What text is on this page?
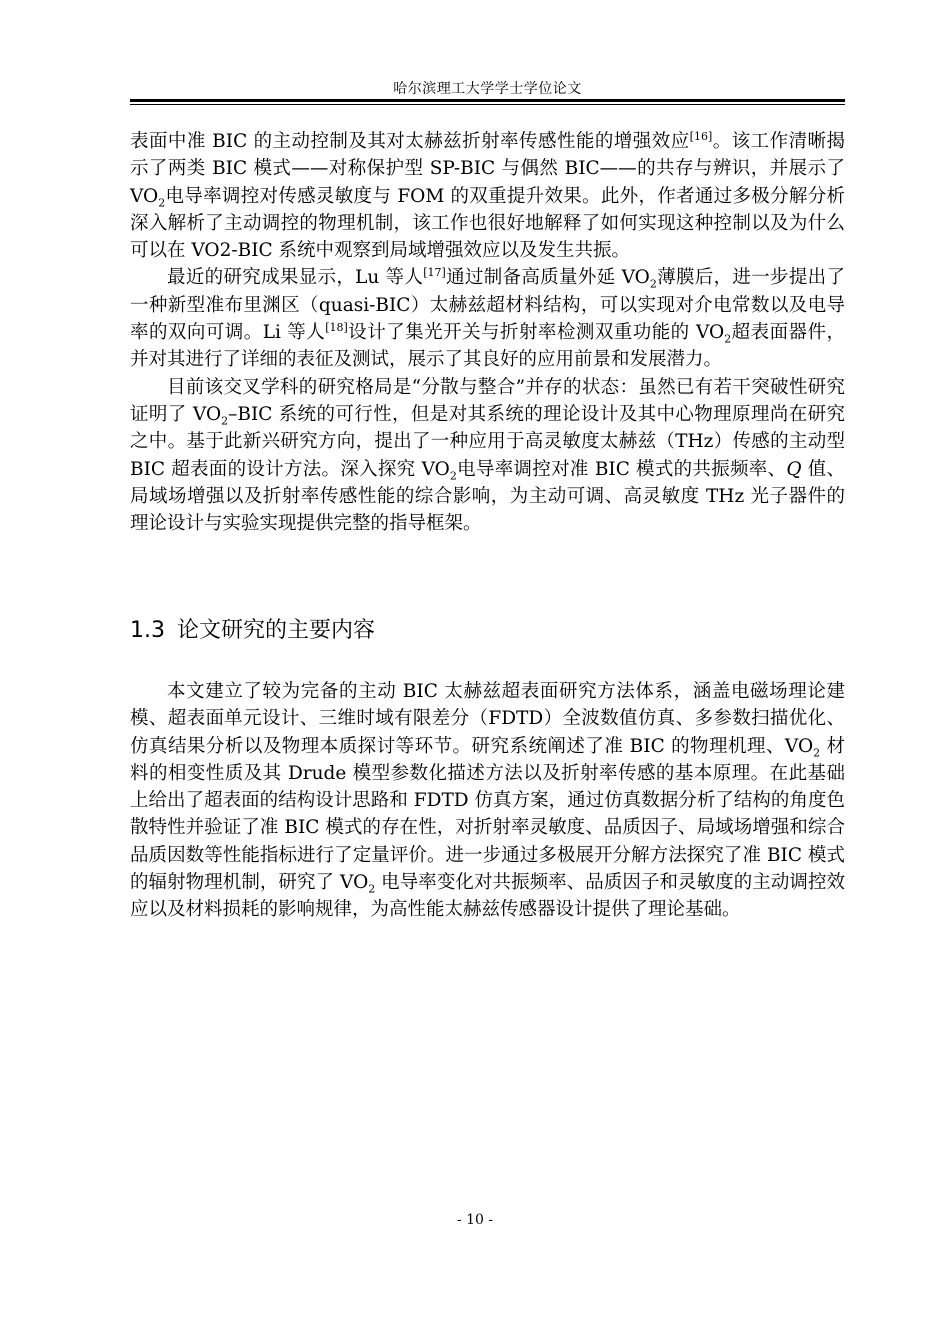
哈尔滨理工大学学士学位论文

表面中准 BIC 的主动控制及其对太赫兹折射率传感性能的增强效应[16]。该工作清晰揭示了两类 BIC 模式——对称保护型 SP-BIC 与偶然 BIC——的共存与辨识，并展示了 $VO_2$电导率调控对传感灵敏度与 FOM 的双重提升效果。此外，作者通过多极分解分析深入解析了主动调控的物理机制，该工作也很好地解释了如何实现这种控制以及为什么可以在 VO2-BIC 系统中观察到局域增强效应以及发生共振。

最近的研究成果显示，Lu 等人[17]通过制备高质量外延 $VO_2$薄膜后，进一步提出了一种新型准布里渊区（quasi-BIC）太赫兹超材料结构，可以实现对介电常数以及电导率的双向可调。Li 等人[18]设计了集光开关与折射率检测双重功能的 $VO_2$超表面器件，并对其进行了详细的表征及测试，展示了其良好的应用前景和发展潜力。

目前该交叉学科的研究格局是“分散与整合”并存的状态：虽然已有若干突破性研究证明了 $VO_2$–BIC 系统的可行性，但是对其系统的理论设计及其中心物理原理尚在研究之中。基于此新兴研究方向，提出了一种应用于高灵敏度太赫兹（THz）传感的主动型 BIC 超表面的设计方法。深入探究 $VO_2$电导率调控对准 BIC 模式的共振频率、Q 值、局域场增强以及折射率传感性能的综合影响，为主动可调、高灵敏度 THz 光子器件的理论设计与实验实现提供完整的指导框架。

1.3 论文研究的主要内容

本文建立了较为完备的主动 BIC 太赫兹超表面研究方法体系，涵盖电磁场理论建模、超表面单元设计、三维时域有限差分（FDTD）全波数值仿真、多参数扫描优化、仿真结果分析以及物理本质探讨等环节。研究系统阐述了准 BIC 的物理机理、$VO_2$ 材料的相变性质及其 Drude 模型参数化描述方法以及折射率传感的基本原理。在此基础上给出了超表面的结构设计思路和 FDTD 仿真方案，通过仿真数据分析了结构的角度色散特性并验证了准 BIC 模式的存在性，对折射率灵敏度、品质因子、局域场增强和综合品质因数等性能指标进行了定量评价。进一步通过多极展开分解方法探究了准 BIC 模式的辐射物理机制，研究了 $VO_2$ 电导率变化对共振频率、品质因子和灵敏度的主动调控效应以及材料损耗的影响规律，为高性能太赫兹传感器设计提供了理论基础。

- 10 -
